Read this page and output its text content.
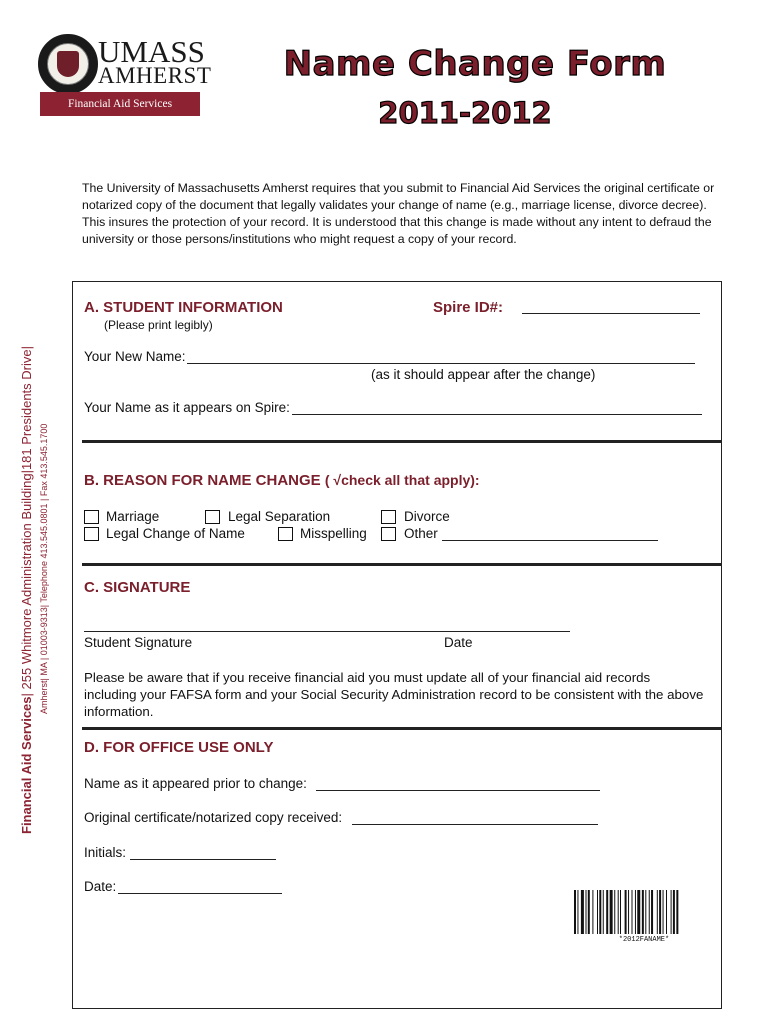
UMASS
AMHERST
Financial Aid Services
Name Change Form
2011-2012
The University of Massachusetts Amherst requires that you submit to Financial Aid Services the original certificate or notarized copy of the document that legally validates your change of name (e.g., marriage license, divorce decree). This insures the protection of your record. It is understood that this change is made without any intent to defraud the university or those persons/institutions who might request a copy of your record.
Financial Aid Services| 255 Whitmore Administration Building|181 Presidents Drive| Amherst| MA | 01003-9313| Telephone 413.545.0801 | Fax 413.545.1700
A. STUDENT INFORMATION	Spire ID#:
(Please print legibly)
Your New Name:
(as it should appear after the change)
Your Name as it appears on Spire:
B. REASON FOR NAME CHANGE ( √check all that apply):
Marriage	Legal Separation	Divorce
Legal Change of Name	Misspelling	Other
C. SIGNATURE
Student Signature	Date
Please be aware that if you receive financial aid you must update all of your financial aid records including your FAFSA form and your Social Security Administration record to be consistent with the above information.
D. FOR OFFICE USE ONLY
Name as it appeared prior to change:
Original certificate/notarized copy received:
Initials:
Date:
*2012FANAME*
